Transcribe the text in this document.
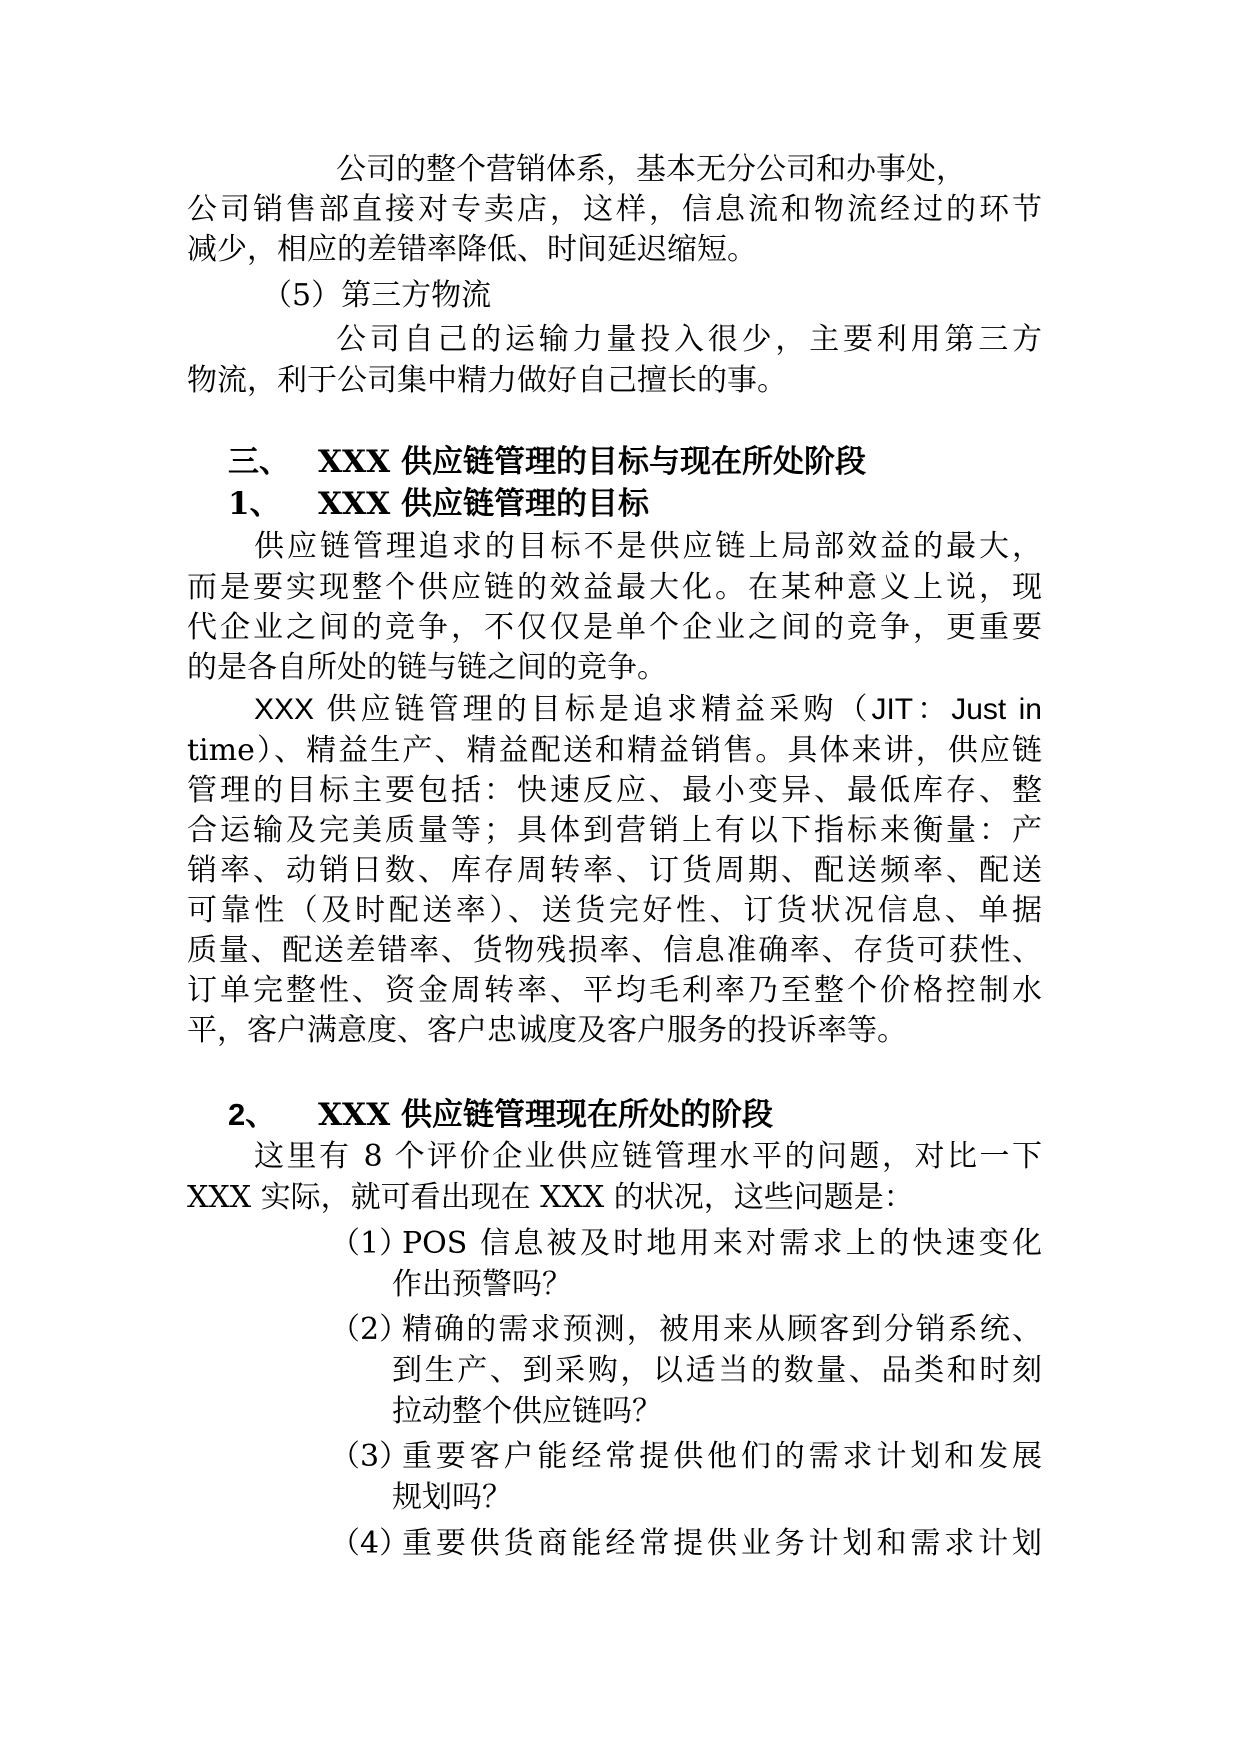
公司的整个营销体系，基本无分公司和办事处，
公司销售部直接对专卖店，这样，信息流和物流经过的环节
减少，相应的差错率降低、时间延迟缩短。
（5）第三方物流
公司自己的运输力量投入很少，主要利用第三方
物流，利于公司集中精力做好自己擅长的事。
三、 XXX 供应链管理的目标与现在所处阶段
1、 XXX 供应链管理的目标
供应链管理追求的目标不是供应链上局部效益的最大，
而是要实现整个供应链的效益最大化。在某种意义上说，现
代企业之间的竞争，不仅仅是单个企业之间的竞争，更重要
的是各自所处的链与链之间的竞争。
XXX 供应链管理的目标是追求精益采购（JIT：Just in
time）、精益生产、精益配送和精益销售。具体来讲，供应链
管理的目标主要包括：快速反应、最小变异、最低库存、整
合运输及完美质量等；具体到营销上有以下指标来衡量：产
销率、动销日数、库存周转率、订货周期、配送频率、配送
可靠性（及时配送率）、送货完好性、订货状况信息、单据
质量、配送差错率、货物残损率、信息准确率、存货可获性、
订单完整性、资金周转率、平均毛利率乃至整个价格控制水
平，客户满意度、客户忠诚度及客户服务的投诉率等。
2、 XXX 供应链管理现在所处的阶段
这里有 8 个评价企业供应链管理水平的问题，对比一下
XXX 实际，就可看出现在 XXX 的状况，这些问题是：
（1）
POS 信息被及时地用来对需求上的快速变化
作出预警吗？
（2）
精确的需求预测，被用来从顾客到分销系统、
到生产、到采购，以适当的数量、品类和时刻
拉动整个供应链吗？
（3）
重要客户能经常提供他们的需求计划和发展
规划吗？
（4）
重要供货商能经常提供业务计划和需求计划
